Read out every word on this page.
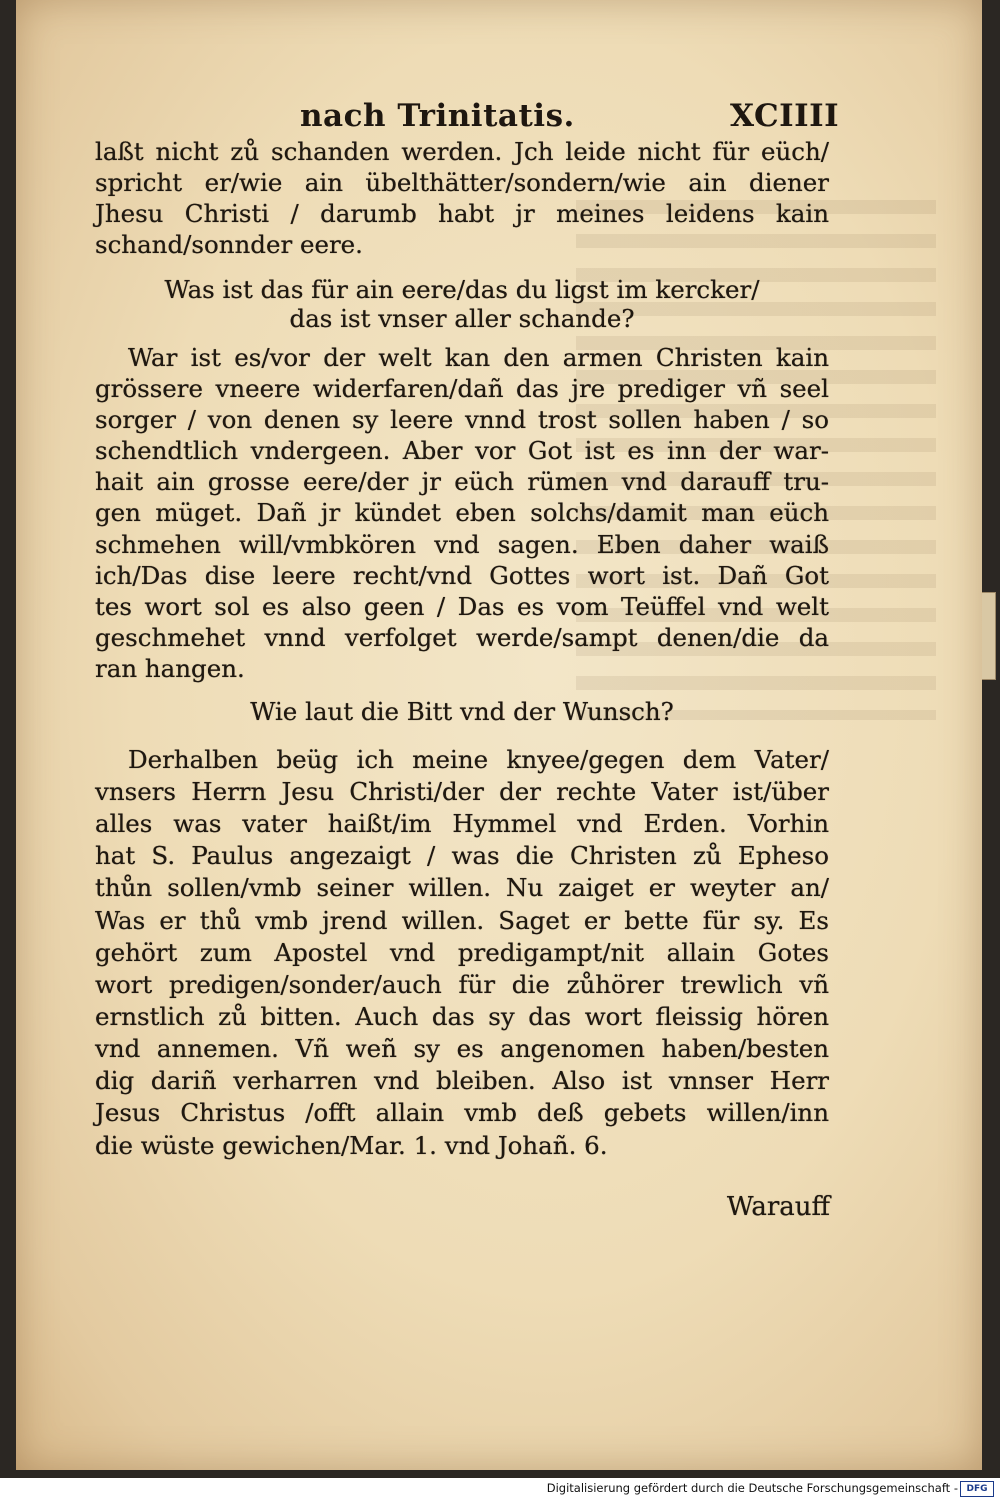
nach Trinitatis.	XCIIII
laßt nicht zů schanden werden. Jch leide nicht für eüch/
spricht er/wie ain übelthätter/sondern/wie ain diener
Jhesu Christi / darumb habt jr meines leidens kain
schand/sonnder eere.
Was ist das für ain eere/das du ligst im kercker/
das ist vnser aller schande?
War ist es/vor der welt kan den armen Christen kain
grössere vneere widerfaren/dañ das jre prediger vñ seel
sorger / von denen sy leere vnnd trost sollen haben / so
schendtlich vndergeen. Aber vor Got ist es inn der war-
hait ain grosse eere/der jr eüch rümen vnd darauff tru-
gen müget. Dañ jr kündet eben solchs/damit man eüch
schmehen will/vmbkören vnd sagen. Eben daher waiß
ich/Das dise leere recht/vnd Gottes wort ist. Dañ Got
tes wort sol es also geen / Das es vom Teüffel vnd welt
geschmehet vnnd verfolget werde/sampt denen/die da
ran hangen.
Wie laut die Bitt vnd der Wunsch?
Derhalben beüg ich meine knyee/gegen dem Vater/
vnsers Herrn Jesu Christi/der der rechte Vater ist/über
alles was vater haißt/im Hymmel vnd Erden. Vorhin
hat S. Paulus angezaigt / was die Christen zů Epheso
thůn sollen/vmb seiner willen. Nu zaiget er weyter an/
Was er thů vmb jrend willen. Saget er bette für sy. Es
gehört zum Apostel vnd predigampt/nit allain Gotes
wort predigen/sonder/auch für die zůhörer trewlich vñ
ernstlich zů bitten. Auch das sy das wort fleissig hören
vnd annemen. Vñ weñ sy es angenomen haben/besten
dig dariñ verharren vnd bleiben. Also ist vnnser Herr
Jesus Christus /offt allain vmb deß gebets willen/inn
die wüste gewichen/Mar. 1. vnd Johañ. 6.
Warauff
Digitalisierung gefördert durch die Deutsche Forschungsgemeinschaft - DFG
